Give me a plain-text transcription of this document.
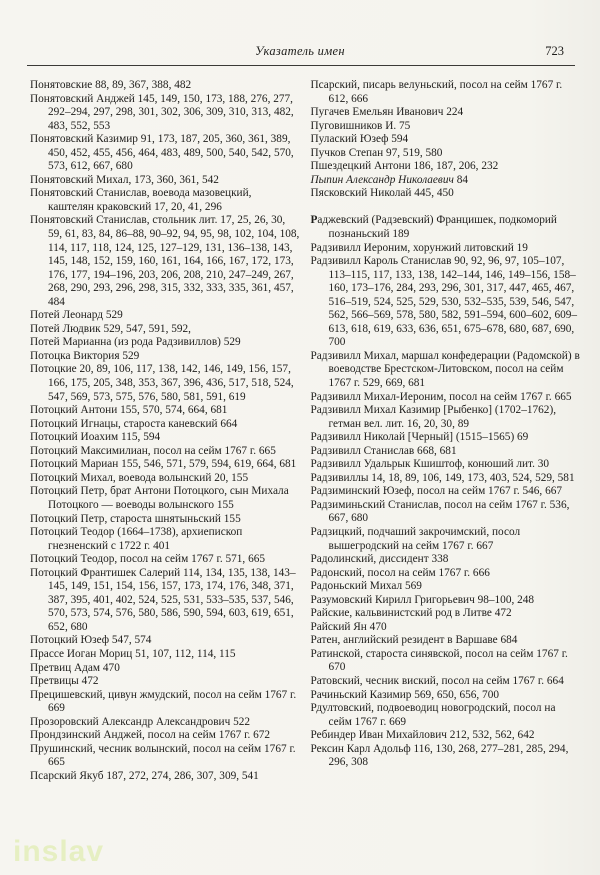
Указатель имен	723
Понятовские 88, 89, 367, 388, 482
Понятовский Анджей 145, 149, 150, 173, 188, 276, 277, 292–294, 297, 298, 301, 302, 306, 309, 310, 313, 482, 483, 552, 553
Понятовский Казимир 91, 173, 187, 205, 360, 361, 389, 450, 452, 455, 456, 464, 483, 489, 500, 540, 542, 570, 573, 612, 667, 680
Понятовский Михал, 173, 360, 361, 542
Понятовский Станислав, воевода мазовецкий, каштелян краковский 17, 20, 41, 296
Понятовский Станислав, стольник лит. 17, 25, 26, 30, 59, 61, 83, 84, 86–88, 90–92, 94, 95, 98, 102, 104, 108, 114, 117, 118, 124, 125, 127–129, 131, 136–138, 143, 145, 148, 152, 159, 160, 161, 164, 166, 167, 172, 173, 176, 177, 194–196, 203, 206, 208, 210, 247–249, 267, 268, 290, 293, 296, 298, 315, 332, 333, 335, 361, 457, 484
Потей Леонард 529
Потей Людвик 529, 547, 591, 592,
Потей Марианна (из рода Радзивиллов) 529
Потоцка Виктория 529
Потоцкие 20, 89, 106, 117, 138, 142, 146, 149, 156, 157, 166, 175, 205, 348, 353, 367, 396, 436, 517, 518, 524, 547, 569, 573, 575, 576, 580, 581, 591, 619
Потоцкий Антони 155, 570, 574, 664, 681
Потоцкий Игнацы, староста каневский 664
Потоцкий Иоахим 115, 594
Потоцкий Максимилиан, посол на сейм 1767 г. 665
Потоцкий Мариан 155, 546, 571, 579, 594, 619, 664, 681
Потоцкий Михал, воевода волынский 20, 155
Потоцкий Петр, брат Антони Потоцкого, сын Михала Потоцкого — воеводы волынского 155
Потоцкий Петр, староста шнятыньский 155
Потоцкий Теодор (1664–1738), архиепископ гнезненский с 1722 г. 401
Потоцкий Теодор, посол на сейм 1767 г. 571, 665
Потоцкий Франтишек Салерий 114, 134, 135, 138, 143–145, 149, 151, 154, 156, 157, 173, 174, 176, 348, 371, 387, 395, 401, 402, 524, 525, 531, 533–535, 537, 546, 570, 573, 574, 576, 580, 586, 590, 594, 603, 619, 651, 652, 680
Потоцкий Юзеф 547, 574
Прассе Иоган Мориц 51, 107, 112, 114, 115
Претвиц Адам 470
Претвицы 472
Прецишевский, цивун жмудский, посол на сейм 1767 г. 669
Прозоровский Александр Александрович 522
Прондзинский Анджей, посол на сейм 1767 г. 672
Прушинский, чесник волынский, посол на сейм 1767 г. 665
Псарский Якуб 187, 272, 274, 286, 307, 309, 541
Псарский, писарь велуньский, посол на сейм 1767 г. 612, 666
Пугачев Емельян Иванович 224
Пуговишников И. 75
Пулаский Юзеф 594
Пучков Степан 97, 519, 580
Пшездецкий Антони 186, 187, 206, 232
Пыпин Александр Николаевич 84
Пясковский Николай 445, 450
Раджевский (Радзевский) Францишек, подкоморий познаньский 189
Радзивилл Иероним, хорунжий литовский 19
Радзивилл Кароль Станислав 90, 92, 96, 97, 105–107, 113–115, 117, 133, 138, 142–144, 146, 149–156, 158–160, 173–176, 284, 293, 296, 301, 317, 447, 465, 467, 516–519, 524, 525, 529, 530, 532–535, 539, 546, 547, 562, 566–569, 578, 580, 582, 591–594, 600–602, 609–613, 618, 619, 633, 636, 651, 675–678, 680, 687, 690, 700
Радзивилл Михал, маршал конфедерации (Радомской) в воеводстве Брестском-Литовском, посол на сейм 1767 г. 529, 669, 681
Радзивилл Михал-Иероним, посол на сейм 1767 г. 665
Радзивилл Михал Казимир [Рыбенко] (1702–1762), гетман вел. лит. 16, 20, 30, 89
Радзивилл Николай [Черный] (1515–1565) 69
Радзивилл Станислав 668, 681
Радзивилл Удальрык Кшиштоф, конюший лит. 30
Радзивиллы 14, 18, 89, 106, 149, 173, 403, 524, 529, 581
Радзиминский Юзеф, посол на сейм 1767 г. 546, 667
Радзиминьский Станислав, посол на сейм 1767 г. 536, 667, 680
Радзицкий, подчаший закрочимский, посол вышегродский на сейм 1767 г. 667
Радолинский, диссидент 338
Радонский, посол на сейм 1767 г. 666
Радоньский Михал 569
Разумовский Кирилл Григорьевич 98–100, 248
Райские, кальвинистский род в Литве 472
Райский Ян 470
Ратен, английский резидент в Варшаве 684
Ратинской, староста синявской, посол на сейм 1767 г. 670
Ратовский, чесник виский, посол на сейм 1767 г. 664
Рачиньский Казимир 569, 650, 656, 700
Рдултовский, подвоеводиц новогродский, посол на сейм 1767 г. 669
Ребиндер Иван Михайлович 212, 532, 562, 642
Рексин Карл Адольф 116, 130, 268, 277–281, 285, 294, 296, 308
inslav
